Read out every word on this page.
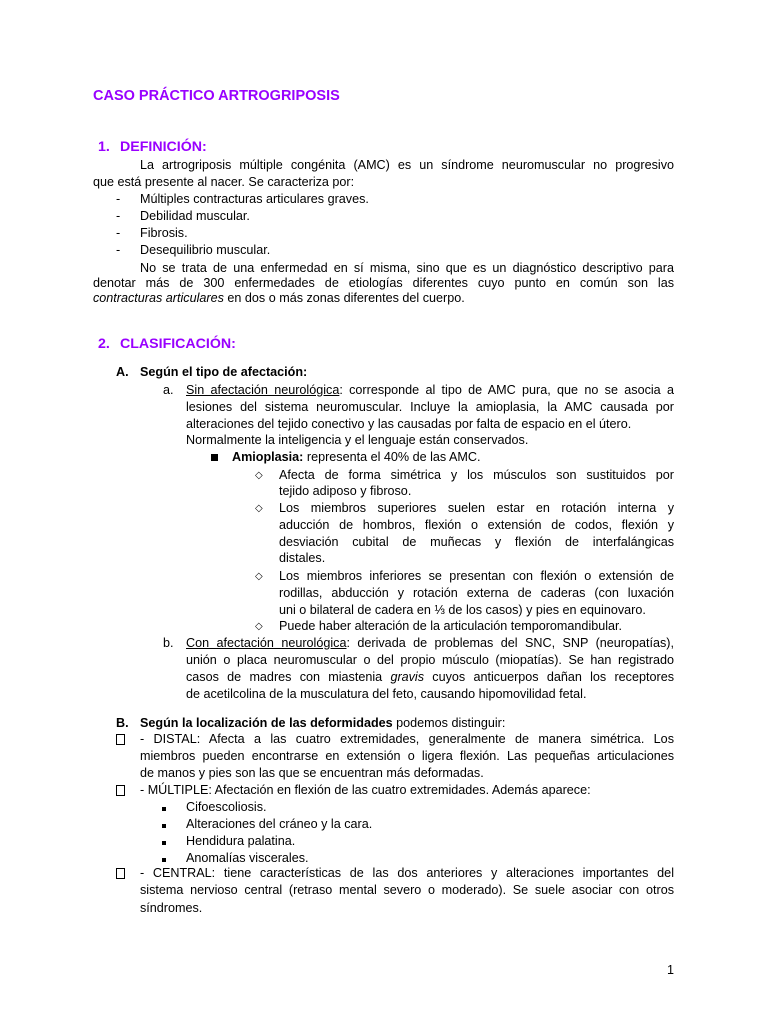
CASO PRÁCTICO ARTROGRIPOSIS
1. DEFINICIÓN:
La artrogriposis múltiple congénita (AMC) es un síndrome neuromuscular no progresivo
que está presente al nacer. Se caracteriza por:
- Múltiples contracturas articulares graves.
- Debilidad muscular.
- Fibrosis.
- Desequilibrio muscular.
No se trata de una enfermedad en sí misma, sino que es un diagnóstico descriptivo para
denotar más de 300 enfermedades de etiologías diferentes cuyo punto en común son las
contracturas articulares en dos o más zonas diferentes del cuerpo.
2. CLASIFICACIÓN:
A. Según el tipo de afectación:
a. Sin afectación neurológica: corresponde al tipo de AMC pura, que no se asocia a
lesiones del sistema neuromuscular. Incluye la amioplasia, la AMC causada por
alteraciones del tejido conectivo y las causadas por falta de espacio en el útero.
Normalmente la inteligencia y el lenguaje están conservados.
Amioplasia: representa el 40% de las AMC.
◇ Afecta de forma simétrica y los músculos son sustituidos por
tejido adiposo y fibroso.
◇ Los miembros superiores suelen estar en rotación interna y
aducción de hombros, flexión o extensión de codos, flexión y
desviación cubital de muñecas y flexión de interfalángicas
distales.
◇ Los miembros inferiores se presentan con flexión o extensión de
rodillas, abducción y rotación externa de caderas (con luxación
uni o bilateral de cadera en ⅓ de los casos) y pies en equinovaro.
◇ Puede haber alteración de la articulación temporomandibular.
b. Con afectación neurológica: derivada de problemas del SNC, SNP (neuropatías),
unión o placa neuromuscular o del propio músculo (miopatías). Se han registrado
casos de madres con miastenia gravis cuyos anticuerpos dañan los receptores
de acetilcolina de la musculatura del feto, causando hipomovilidad fetal.
B. Según la localización de las deformidades podemos distinguir:
- DISTAL: Afecta a las cuatro extremidades, generalmente de manera simétrica. Los
miembros pueden encontrarse en extensión o ligera flexión. Las pequeñas articulaciones
de manos y pies son las que se encuentran más deformadas.
- MÚLTIPLE: Afectación en flexión de las cuatro extremidades. Además aparece:
Cifoescoliosis.
Alteraciones del cráneo y la cara.
Hendidura palatina.
Anomalías viscerales.
- CENTRAL: tiene características de las dos anteriores y alteraciones importantes del
sistema nervioso central (retraso mental severo o moderado). Se suele asociar con otros
síndromes.
1
